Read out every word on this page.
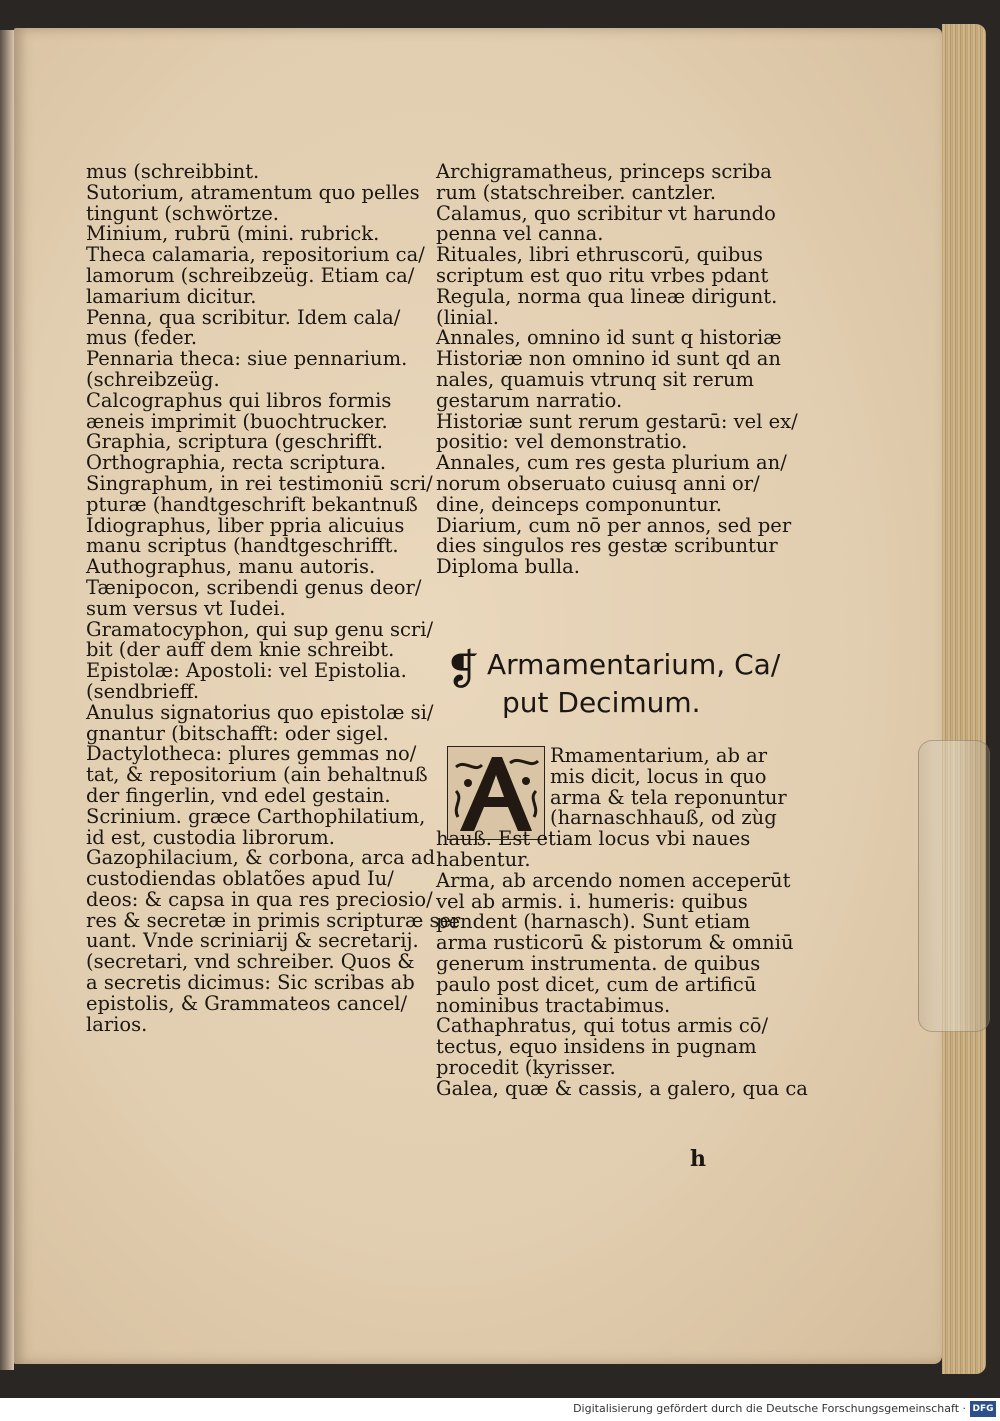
mus (schreibbint.
Sutorium, atramentum quo pelles
tingunt (schwörtze.
Minium, rubrū (mini. rubrick.
Theca calamaria, repositorium ca/
lamorum (schreibzeüg. Etiam ca/
lamarium dicitur.
Penna, qua scribitur. Idem cala/
mus (feder.
Pennaria theca: siue pennarium.
(schreibzeüg.
Calcographus qui libros formis
æneis imprimit (buochtrucker.
Graphia, scriptura (geschrifft.
Orthographia, recta scriptura.
Singraphum, in rei testimoniū scri/
pturæ (handtgeschrift bekantnuß
Idiographus, liber ppria alicuius
manu scriptus (handtgeschrifft.
Authographus, manu autoris.
Tænipocon, scribendi genus deor/
sum versus vt Iudei.
Gramatocyphon, qui sup genu scri/
bit (der auff dem knie schreibt.
Epistolæ: Apostoli: vel Epistolia.
(sendbrieff.
Anulus signatorius quo epistolæ si/
gnantur (bitschafft: oder sigel.
Dactylotheca: plures gemmas no/
tat, & repositorium (ain behaltnuß
der fingerlin, vnd edel gestain.
Scrinium. græce Carthophilatium,
id est, custodia librorum.
Gazophilacium, & corbona, arca ad
custodiendas oblatões apud Iu/
deos: & capsa in qua res preciosio/
res & secretæ in primis scripturæ ser
uant. Vnde scriniarij & secretarij.
(secretari, vnd schreiber. Quos &
a secretis dicimus: Sic scribas ab
epistolis, & Grammateos cancel/
larios.
Archigramatheus, princeps scriba
rum (statschreiber. cantzler.
Calamus, quo scribitur vt harundo
penna vel canna.
Rituales, libri ethruscorū, quibus
scriptum est quo ritu vrbes pdant
Regula, norma qua lineæ dirigunt.
(linial.
Annales, omnino id sunt q historiæ
Historiæ non omnino id sunt qd an
nales, quamuis vtrunq sit rerum
gestarum narratio.
Historiæ sunt rerum gestarū: vel ex/
positio: vel demonstratio.
Annales, cum res gesta plurium an/
norum obseruato cuiusq anni or/
dine, deinceps componuntur.
Diarium, cum nō per annos, sed per
dies singulos res gestæ scribuntur
Diploma bulla.
❡ Armamentarium, Ca/
put Decimum.
Rmamentarium, ab ar
mis dicit, locus in quo
arma & tela reponuntur
(harnaschhauß, od zùg
hauß. Est etiam locus vbi naues
habentur.
Arma, ab arcendo nomen acceperūt
vel ab armis. i. humeris: quibus
pendent (harnasch). Sunt etiam
arma rusticorū & pistorum & omniū
generum instrumenta. de quibus
paulo post dicet, cum de artificū
nominibus tractabimus.
Cathaphratus, qui totus armis cō/
tectus, equo insidens in pugnam
procedit (kyrisser.
Galea, quæ & cassis, a galero, qua ca
h
Digitalisierung gefördert durch die Deutsche Forschungsgemeinschaft · DFG
